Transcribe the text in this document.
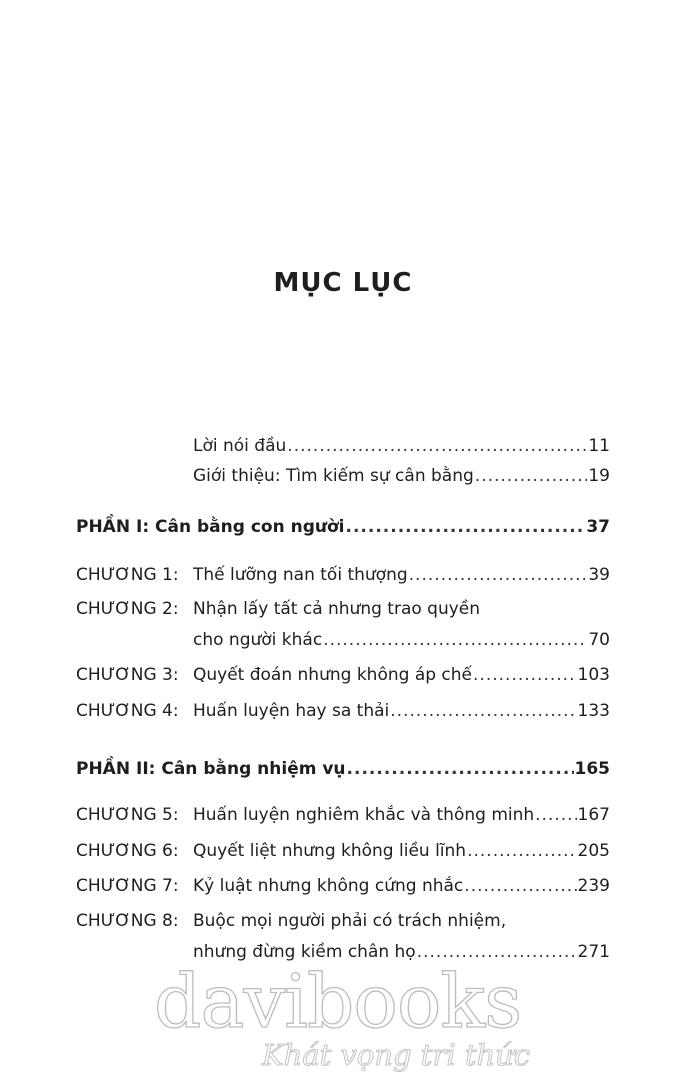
MỤC LỤC
Lời nói đầu .....	11
Giới thiệu: Tìm kiếm sự cân bằng .....	19
PHẦN I: Cân bằng con người .....	37
CHƯƠNG 1: Thế lưỡng nan tối thượng .....	39
CHƯƠNG 2: Nhận lấy tất cả nhưng trao quyền
cho người khác .....	70
CHƯƠNG 3: Quyết đoán nhưng không áp chế .....	103
CHƯƠNG 4: Huấn luyện hay sa thải .....	133
PHẦN II: Cân bằng nhiệm vụ .....	165
CHƯƠNG 5: Huấn luyện nghiêm khắc và thông minh .....	167
CHƯƠNG 6: Quyết liệt nhưng không liều lĩnh .....	205
CHƯƠNG 7: Kỷ luật nhưng không cứng nhắc .....	239
CHƯƠNG 8: Buộc mọi người phải có trách nhiệm,
nhưng đừng kiềm chân họ .....	271
davibooks
Khát vọng tri thức
